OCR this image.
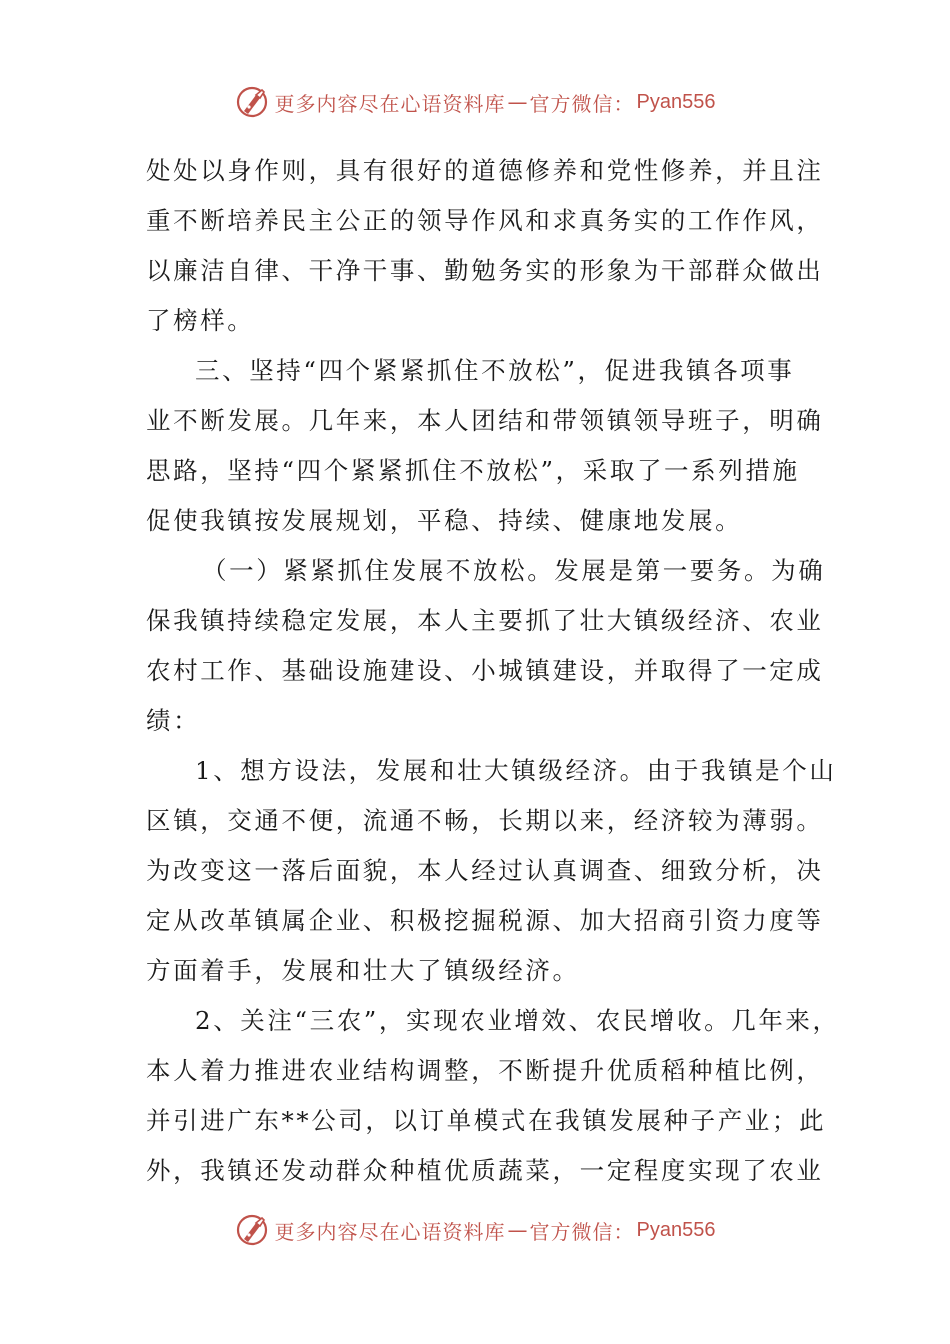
更多内容尽在心语资料库 — 官方微信： Pyan556
处处以身作则，具有很好的道德修养和党性修养，并且注
重不断培养民主公正的领导作风和求真务实的工作作风，
以廉洁自律、干净干事、勤勉务实的形象为干部群众做出
了榜样。
三、坚持“四个紧紧抓住不放松”，促进我镇各项事
业不断发展。几年来，本人团结和带领镇领导班子，明确
思路，坚持“四个紧紧抓住不放松”，采取了一系列措施
促使我镇按发展规划，平稳、持续、健康地发展。
（一）紧紧抓住发展不放松。发展是第一要务。为确
保我镇持续稳定发展，本人主要抓了壮大镇级经济、农业
农村工作、基础设施建设、小城镇建设，并取得了一定成
绩：
1、想方设法，发展和壮大镇级经济。由于我镇是个山
区镇，交通不便，流通不畅，长期以来，经济较为薄弱。
为改变这一落后面貌，本人经过认真调查、细致分析，决
定从改革镇属企业、积极挖掘税源、加大招商引资力度等
方面着手，发展和壮大了镇级经济。
2、关注“三农”，实现农业增效、农民增收。几年来，
本人着力推进农业结构调整，不断提升优质稻种植比例，
并引进广东**公司，以订单模式在我镇发展种子产业；此
外，我镇还发动群众种植优质蔬菜，一定程度实现了农业
更多内容尽在心语资料库 — 官方微信： Pyan556
